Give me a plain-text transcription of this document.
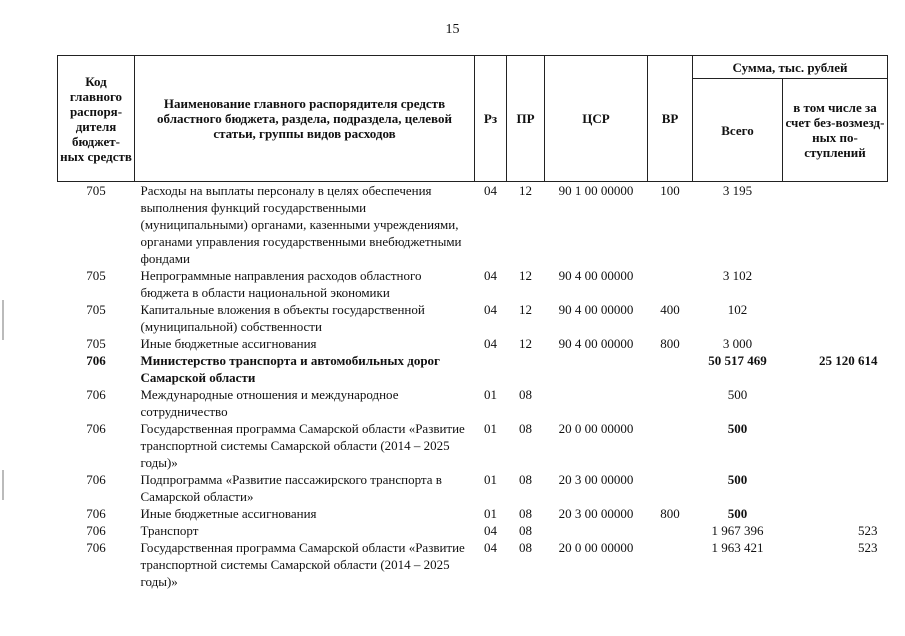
15
Код главного распоря-дителя бюджет-ных средств	Наименование главного распорядителя средств областного бюджета, раздела, подраздела, целевой статьи, группы видов расходов	Рз	ПР	ЦСР	ВР	Сумма, тыс. рублей	
						Всего	в том числе за счет без-возмезд-ных по-ступлений
705	Расходы на выплаты персоналу в целях обеспечения выполнения функций государственными (муниципальными) органами, казенными учреждениями, органами управления государственными внебюджетными фондами	04	12	90 1 00 00000	100	3 195	
705	Непрограммные направления расходов областного бюджета в области национальной экономики	04	12	90 4 00 00000		3 102	
705	Капитальные вложения в объекты государственной (муниципальной) собственности	04	12	90 4 00 00000	400	102	
705	Иные бюджетные ассигнования	04	12	90 4 00 00000	800	3 000	
706	Министерство транспорта и автомобильных дорог Самарской области					50 517 469	25 120 614
706	Международные отношения и международное сотрудничество	01	08			500	
706	Государственная программа Самарской области «Развитие транспортной системы Самарской области (2014 – 2025 годы)»	01	08	20 0 00 00000		500	
706	Подпрограмма «Развитие пассажирского транспорта в Самарской области»	01	08	20 3 00 00000		500	
706	Иные бюджетные ассигнования	01	08	20 3 00 00000	800	500	
706	Транспорт	04	08			1 967 396	523
706	Государственная программа Самарской области «Развитие транспортной системы Самарской области (2014 – 2025 годы)»	04	08	20 0 00 00000		1 963 421	523
